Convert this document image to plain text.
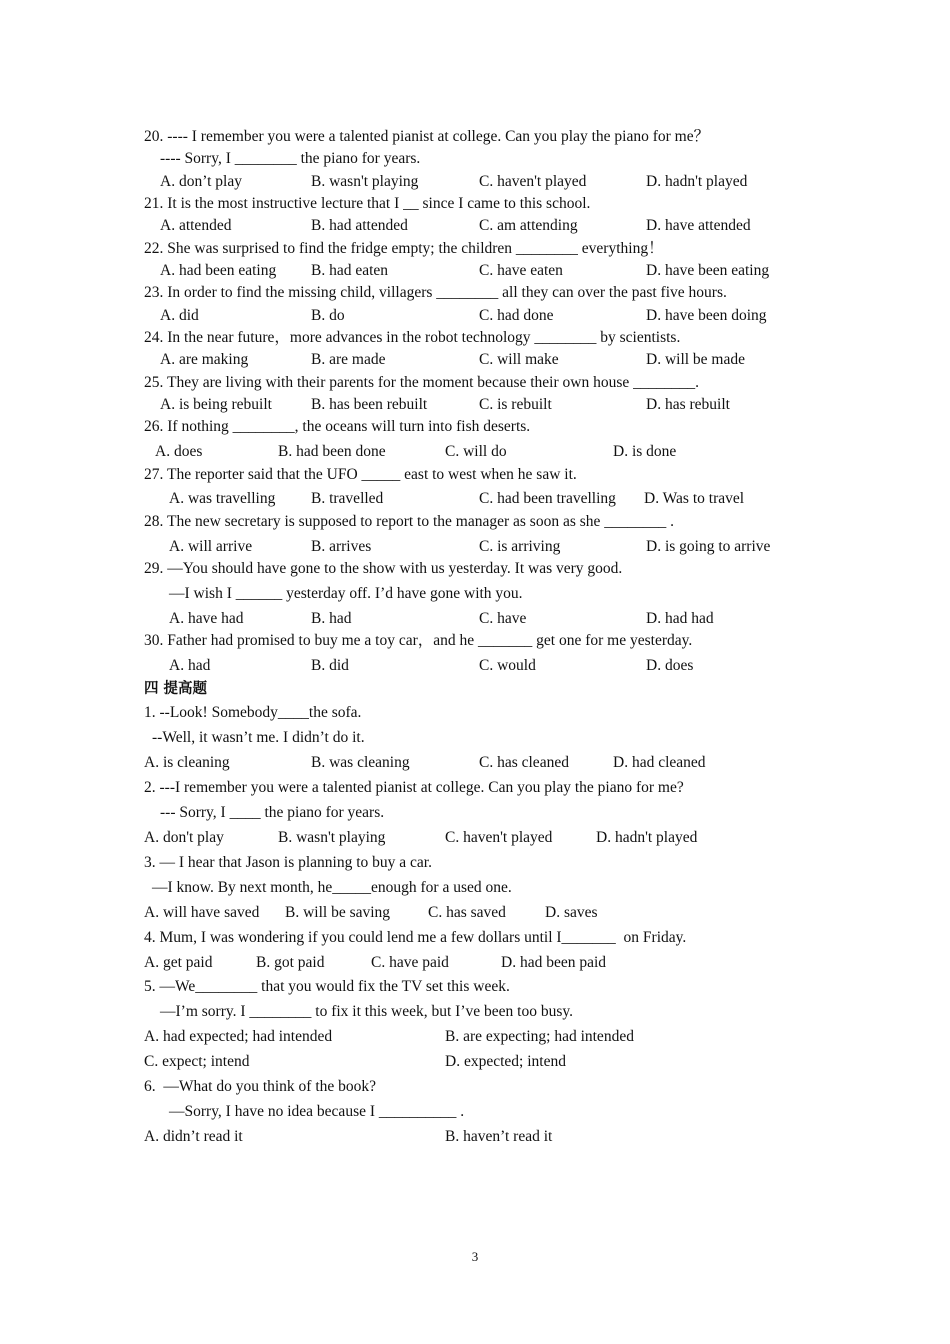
20. ---- I remember you were a talented pianist at college. Can you play the piano for me？
---- Sorry, I ________ the piano for years.
A. don’t play	B. wasn't playing	C. haven't played	D. hadn't played
21. It is the most instructive lecture that I __ since I came to this school.
A. attended	B. had attended	C. am attending	D. have attended
22. She was surprised to find the fridge empty; the children ________ everything！
A. had been eating B. had eaten	C. have eaten	D. have been eating
23. In order to find the missing child, villagers ________ all they can over the past five hours.
A. did	B. do	C. had done	D. have been doing
24. In the near future，more advances in the robot technology ________ by scientists.
A. are making	B. are made	C. will make	D. will be made
25. They are living with their parents for the moment because their own house ________.
A. is being rebuilt	B. has been rebuilt	C. is rebuilt	D. has rebuilt
26. If nothing ________, the oceans will turn into fish deserts.
A. does	B. had been done	C. will do	D. is done
27. The reporter said that the UFO _____ east to west when he saw it.
A. was travelling B. travelled	C. had been travelling D. Was to travel
28. The new secretary is supposed to report to the manager as soon as she ________ .
A. will arrive	B. arrives	C. is arriving	D. is going to arrive
29. —You should have gone to the show with us yesterday. It was very good.
—I wish I ______ yesterday off. I’d have gone with you.
A. have had	B. had	C. have	D. had had
30. Father had promised to buy me a toy car，and he _______ get one for me yesterday.
A. had	B. did	C. would	D. does
四 提高题
1. --Look! Somebody____the sofa.
--Well, it wasn’t me. I didn’t do it.
A. is cleaning	B. was cleaning	C. has cleaned	D. had cleaned
2. ---I remember you were a talented pianist at college. Can you play the piano for me?
--- Sorry, I ____ the piano for years.
A. don't play	B. wasn't playing	C. haven't played	D. hadn't played
3. — I hear that Jason is planning to buy a car.
—I know. By next month, he_____enough for a used one.
A. will have saved B. will be saving C. has saved	D. saves
4. Mum, I was wondering if you could lend me a few dollars until I_______  on Friday.
A. get paid	B. got paid	C. have paid	D. had been paid
5. —We________ that you would fix the TV set this week.
—I’m sorry. I ________ to fix it this week, but I’ve been too busy.
A. had expected; had intended	B. are expecting; had intended
C. expect; intend	D. expected; intend
6.  —What do you think of the book?
—Sorry, I have no idea because I __________ .
A. didn’t read it	B. haven’t read it
3
